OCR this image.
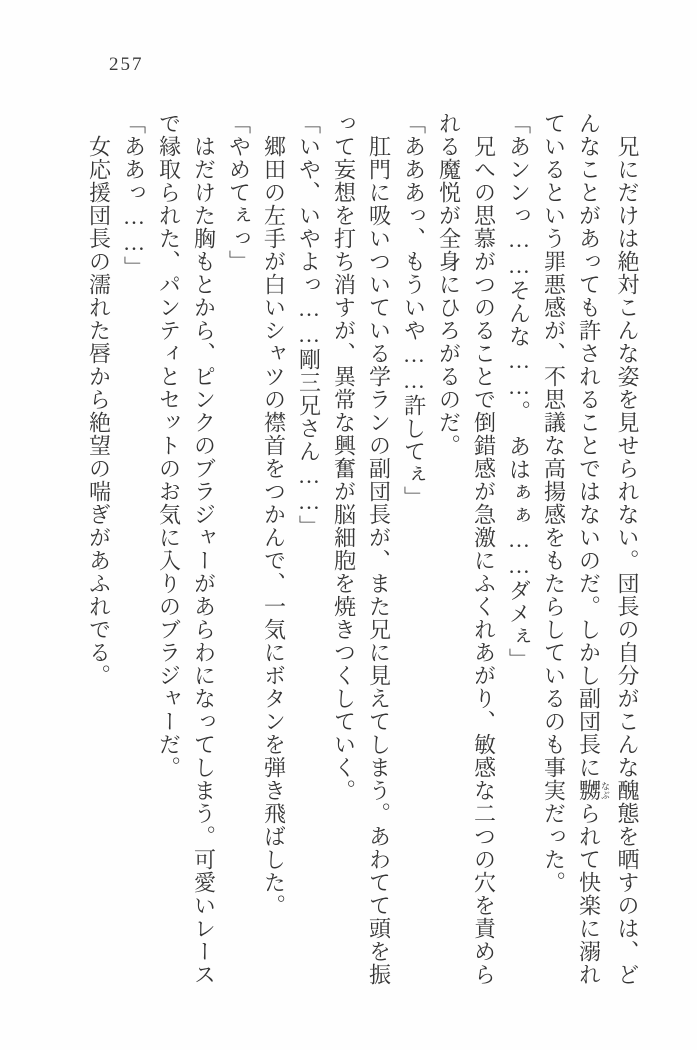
257

兄にだけは絶対こんな姿を見せられない。団長の自分がこんな醜態を晒すのは、ど

んなことがあっても許されることではないのだ。しかし副団長に嬲なぶられて快楽に溺れ

ているという罪悪感が、不思議な高揚感をもたらしているのも事実だった。

「あンンっ……そんな……。　あはぁぁ……ダメぇ」

兄への思慕がつのることで倒錯感が急激にふくれあがり、敏感な二つの穴を責めら

れる魔悦が全身にひろがるのだ。

「あああっ、もういや……許してぇ」

肛門に吸いついている学ランの副団長が、また兄に見えてしまう。あわてて頭を振

って妄想を打ち消すが、異常な興奮が脳細胞を焼きつくしていく。

「いや、いやよっ……剛三兄さん……」

郷田の左手が白いシャツの襟首をつかんで、一気にボタンを弾き飛ばした。

「やめてぇっ」

はだけた胸もとから、ピンクのブラジャーがあらわになってしまう。可愛いレース

で縁取られた、パンティとセットのお気に入りのブラジャーだ。

「ああっ……」

女応援団長の濡れた唇から絶望の喘ぎがあふれでる。
